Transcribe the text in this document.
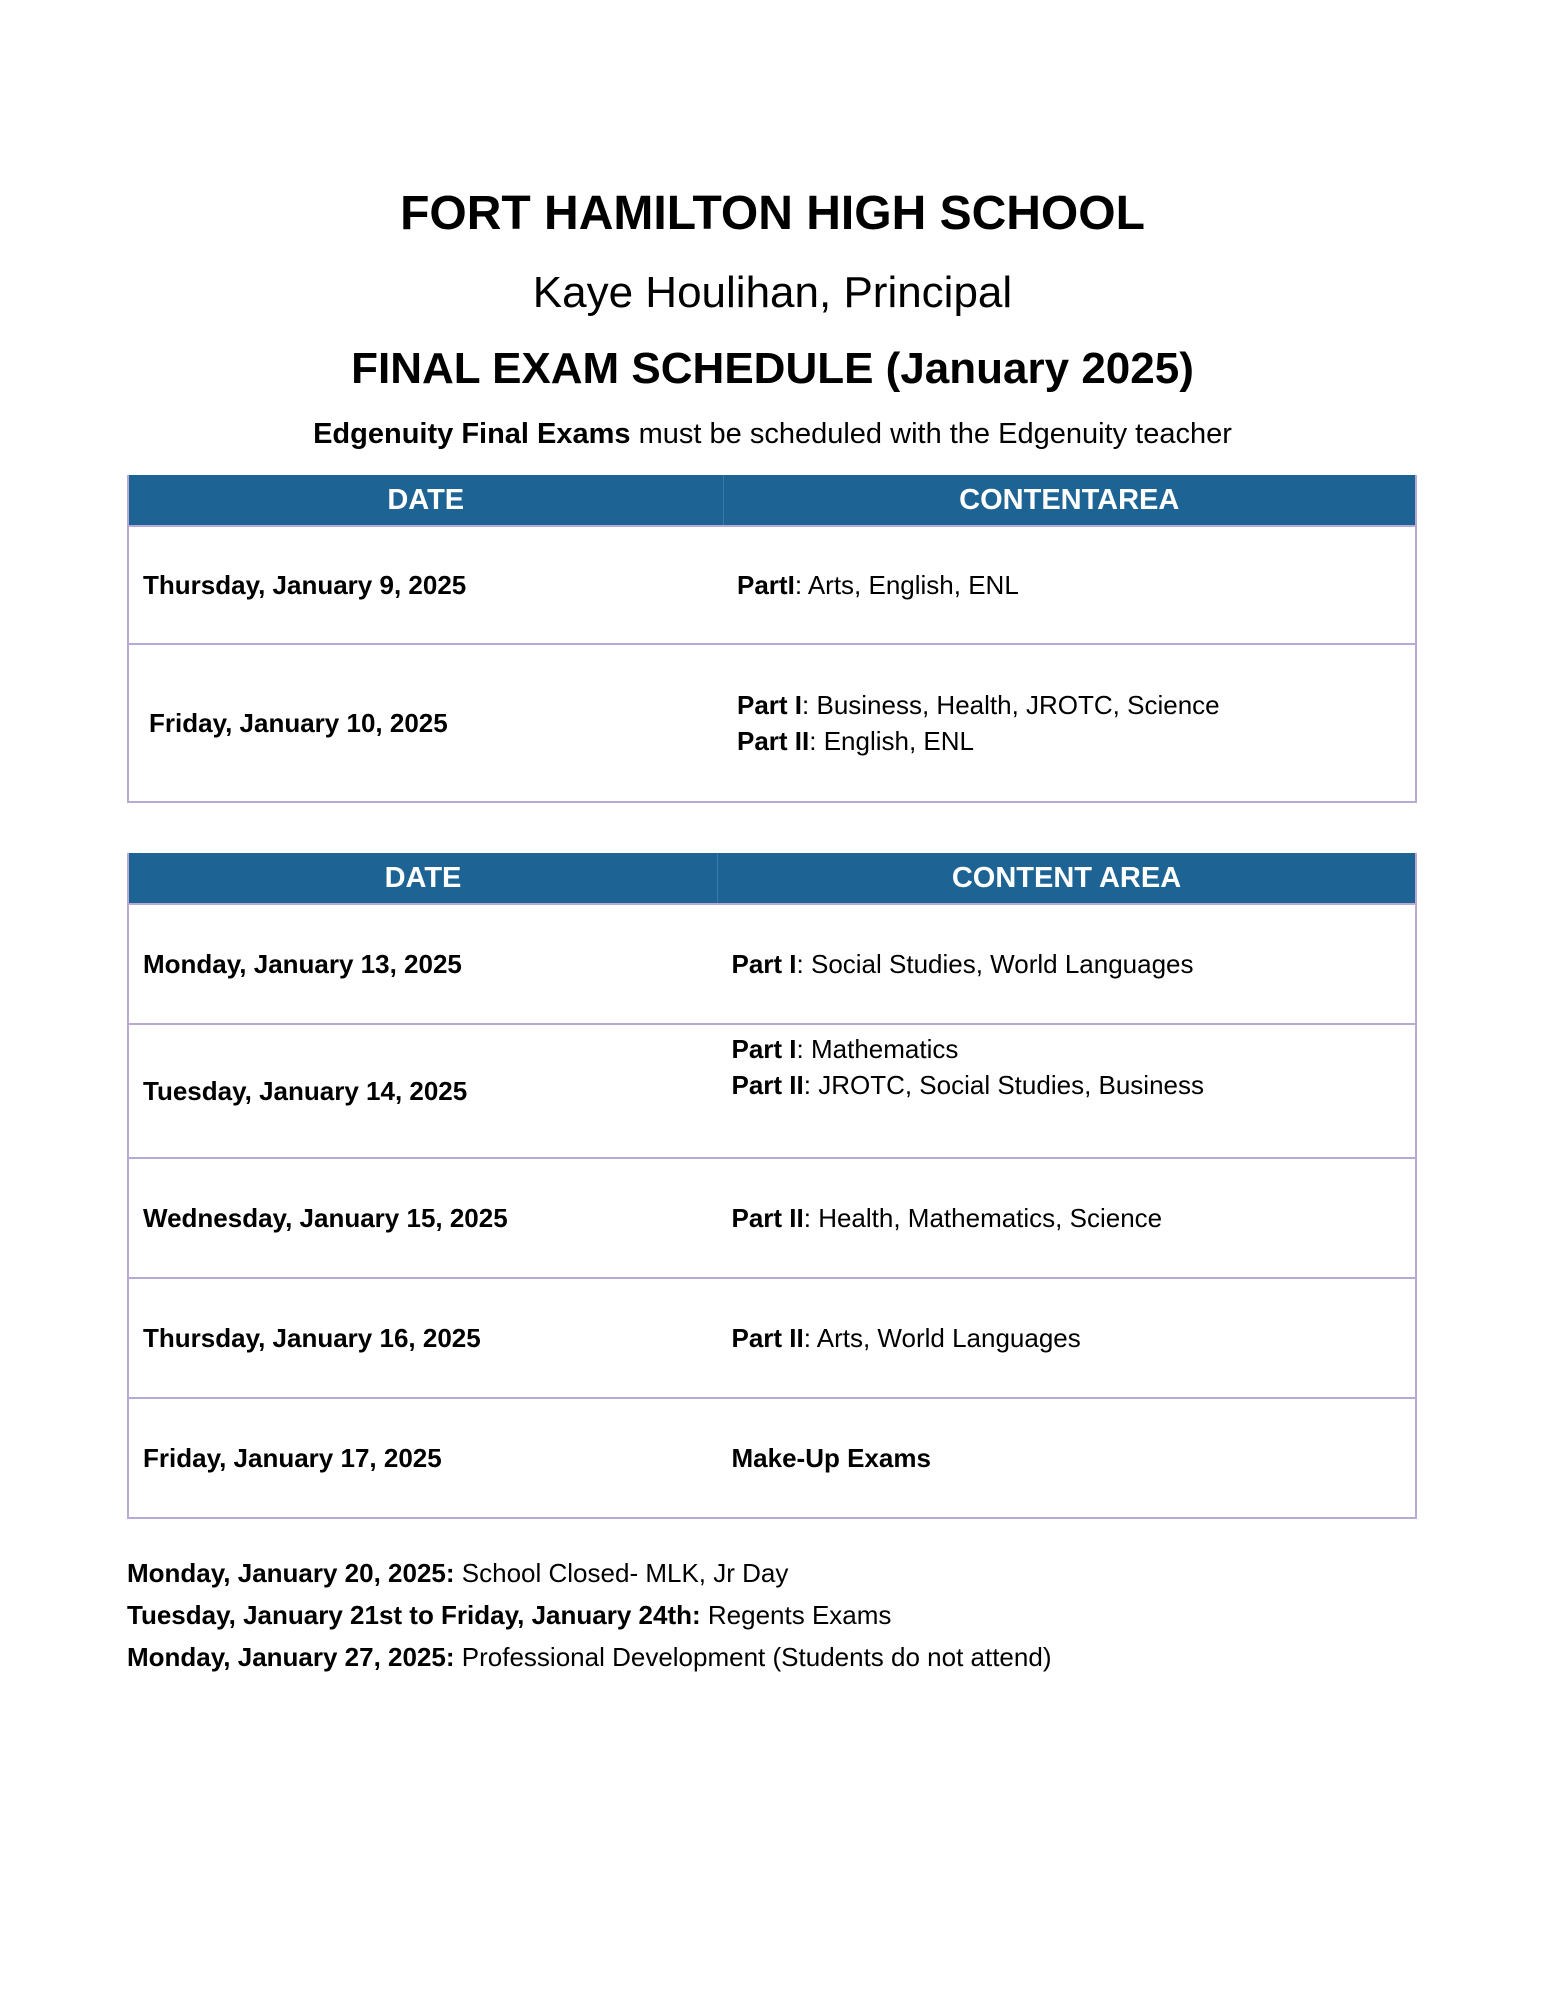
FORT HAMILTON HIGH SCHOOL
Kaye Houlihan, Principal
FINAL EXAM SCHEDULE (January 2025)
Edgenuity Final Exams must be scheduled with the Edgenuity teacher
DATE	CONTENTAREA
Thursday, January 9, 2025	PartI: Arts, English, ENL
Friday, January 10, 2025	Part I: Business, Health, JROTC, Science
Part II: English, ENL
DATE	CONTENT AREA
Monday, January 13, 2025	Part I: Social Studies, World Languages
Tuesday, January 14, 2025	Part I: Mathematics
Part II: JROTC, Social Studies, Business

Wednesday, January 15, 2025	Part II: Health, Mathematics, Science
Thursday, January 16, 2025	Part II: Arts, World Languages
Friday, January 17, 2025	Make-Up Exams
Monday, January 20, 2025: School Closed- MLK, Jr Day
Tuesday, January 21st to Friday, January 24th: Regents Exams
Monday, January 27, 2025: Professional Development (Students do not attend)
